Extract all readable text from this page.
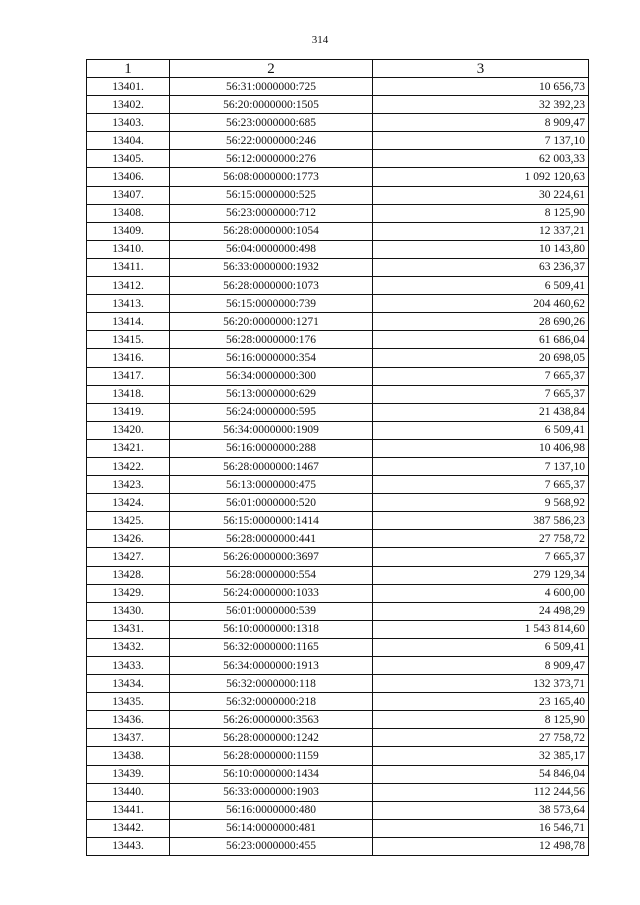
314
1	2	3
13401.	56:31:0000000:725	10 656,73
13402.	56:20:0000000:1505	32 392,23
13403.	56:23:0000000:685	8 909,47
13404.	56:22:0000000:246	7 137,10
13405.	56:12:0000000:276	62 003,33
13406.	56:08:0000000:1773	1 092 120,63
13407.	56:15:0000000:525	30 224,61
13408.	56:23:0000000:712	8 125,90
13409.	56:28:0000000:1054	12 337,21
13410.	56:04:0000000:498	10 143,80
13411.	56:33:0000000:1932	63 236,37
13412.	56:28:0000000:1073	6 509,41
13413.	56:15:0000000:739	204 460,62
13414.	56:20:0000000:1271	28 690,26
13415.	56:28:0000000:176	61 686,04
13416.	56:16:0000000:354	20 698,05
13417.	56:34:0000000:300	7 665,37
13418.	56:13:0000000:629	7 665,37
13419.	56:24:0000000:595	21 438,84
13420.	56:34:0000000:1909	6 509,41
13421.	56:16:0000000:288	10 406,98
13422.	56:28:0000000:1467	7 137,10
13423.	56:13:0000000:475	7 665,37
13424.	56:01:0000000:520	9 568,92
13425.	56:15:0000000:1414	387 586,23
13426.	56:28:0000000:441	27 758,72
13427.	56:26:0000000:3697	7 665,37
13428.	56:28:0000000:554	279 129,34
13429.	56:24:0000000:1033	4 600,00
13430.	56:01:0000000:539	24 498,29
13431.	56:10:0000000:1318	1 543 814,60
13432.	56:32:0000000:1165	6 509,41
13433.	56:34:0000000:1913	8 909,47
13434.	56:32:0000000:118	132 373,71
13435.	56:32:0000000:218	23 165,40
13436.	56:26:0000000:3563	8 125,90
13437.	56:28:0000000:1242	27 758,72
13438.	56:28:0000000:1159	32 385,17
13439.	56:10:0000000:1434	54 846,04
13440.	56:33:0000000:1903	112 244,56
13441.	56:16:0000000:480	38 573,64
13442.	56:14:0000000:481	16 546,71
13443.	56:23:0000000:455	12 498,78
